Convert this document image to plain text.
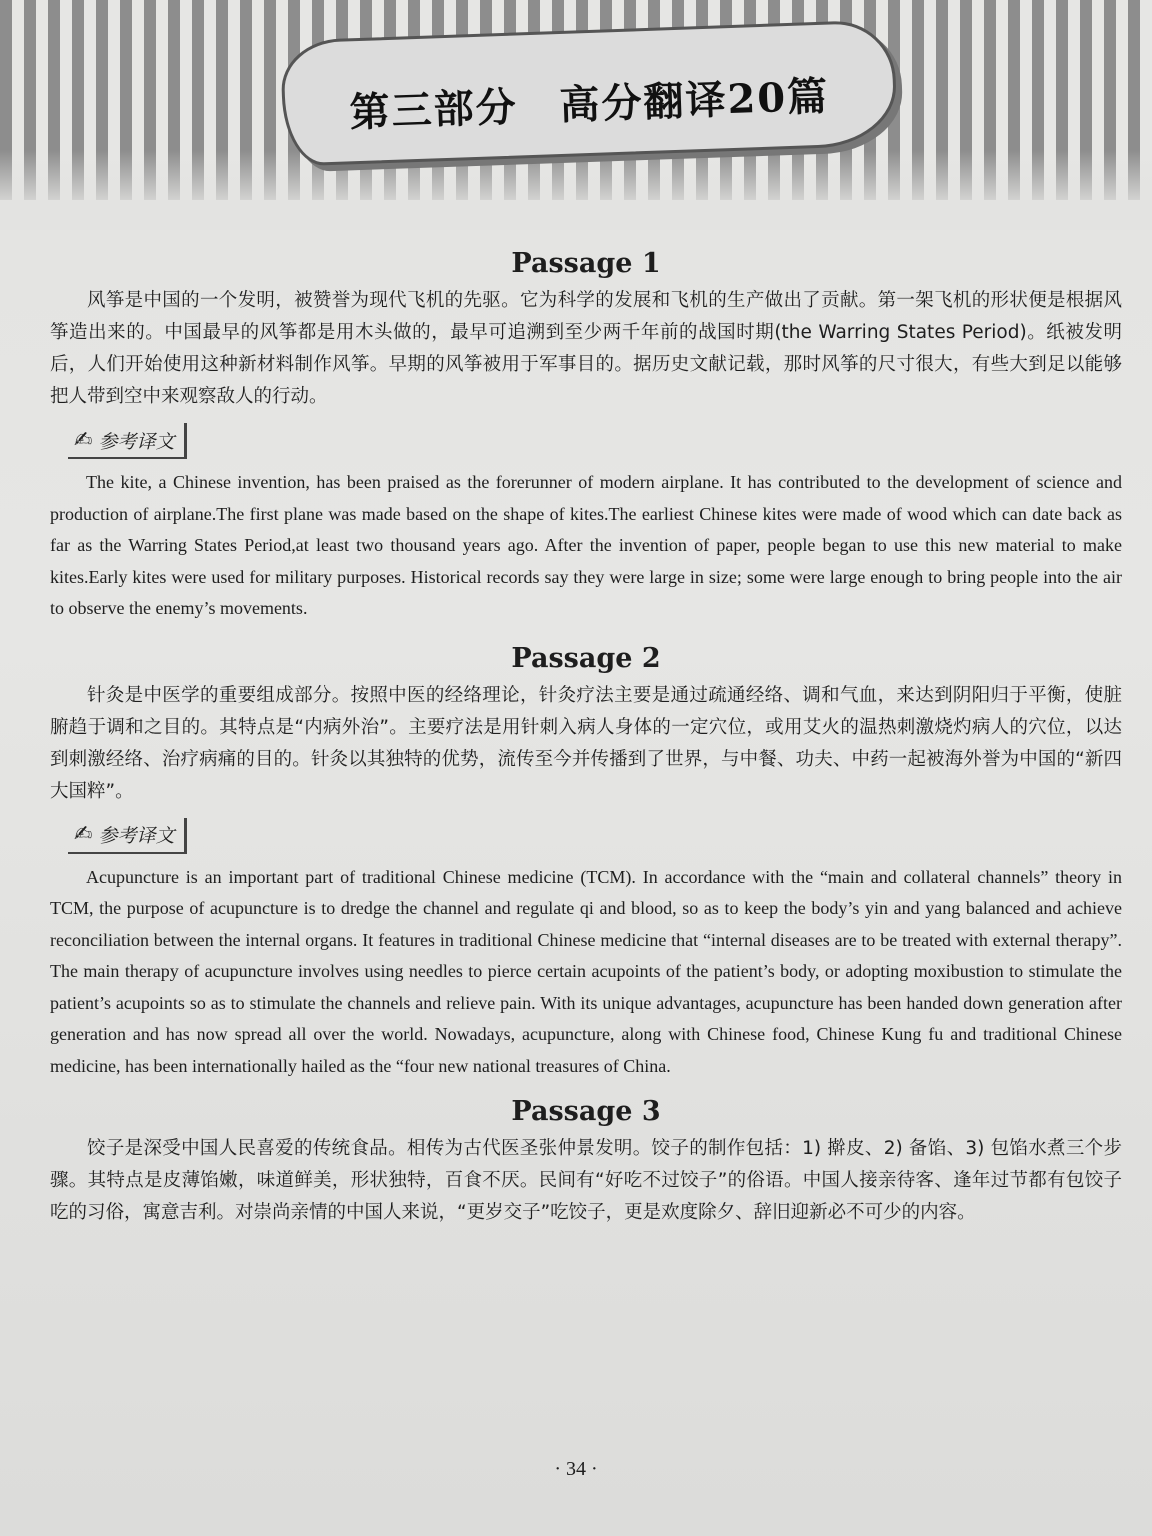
第三部分　高分翻译20篇
Passage 1

风筝是中国的一个发明，被赞誉为现代飞机的先驱。它为科学的发展和飞机的生产做出了贡献。第一架飞机的形状便是根据风筝造出来的。中国最早的风筝都是用木头做的，最早可追溯到至少两千年前的战国时期(the Warring States Period)。纸被发明后，人们开始使用这种新材料制作风筝。早期的风筝被用于军事目的。据历史文献记载，那时风筝的尺寸很大，有些大到足以能够把人带到空中来观察敌人的行动。

✍ 参考译文

The kite, a Chinese invention, has been praised as the forerunner of modern airplane. It has contributed to the development of science and production of airplane.The first plane was made based on the shape of kites.The earliest Chinese kites were made of wood which can date back as far as the Warring States Period,at least two thousand years ago. After the invention of paper, people began to use this new material to make kites.Early kites were used for military purposes. Historical records say they were large in size; some were large enough to bring people into the air to observe the enemy’s movements.

Passage 2

针灸是中医学的重要组成部分。按照中医的经络理论，针灸疗法主要是通过疏通经络、调和气血，来达到阴阳归于平衡，使脏腑趋于调和之目的。其特点是“内病外治”。主要疗法是用针刺入病人身体的一定穴位，或用艾火的温热刺激烧灼病人的穴位，以达到刺激经络、治疗病痛的目的。针灸以其独特的优势，流传至今并传播到了世界，与中餐、功夫、中药一起被海外誉为中国的“新四大国粹”。

✍ 参考译文

Acupuncture is an important part of traditional Chinese medicine (TCM). In accordance with the “main and collateral channels” theory in TCM, the purpose of acupuncture is to dredge the channel and regulate qi and blood, so as to keep the body’s yin and yang balanced and achieve reconciliation between the internal organs. It features in traditional Chinese medicine that “internal diseases are to be treated with external therapy”. The main therapy of acupuncture involves using needles to pierce certain acupoints of the patient’s body, or adopting moxibustion to stimulate the patient’s acupoints so as to stimulate the channels and relieve pain. With its unique advantages, acupuncture has been handed down generation after generation and has now spread all over the world. Nowadays, acupuncture, along with Chinese food, Chinese Kung fu and traditional Chinese medicine, has been internationally hailed as the “four new national treasures of China.

Passage 3

饺子是深受中国人民喜爱的传统食品。相传为古代医圣张仲景发明。饺子的制作包括：1) 擀皮、2) 备馅、3) 包馅水煮三个步骤。其特点是皮薄馅嫩，味道鲜美，形状独特，百食不厌。民间有“好吃不过饺子”的俗语。中国人接亲待客、逢年过节都有包饺子吃的习俗，寓意吉利。对崇尚亲情的中国人来说，“更岁交子”吃饺子，更是欢度除夕、辞旧迎新必不可少的内容。

· 34 ·
